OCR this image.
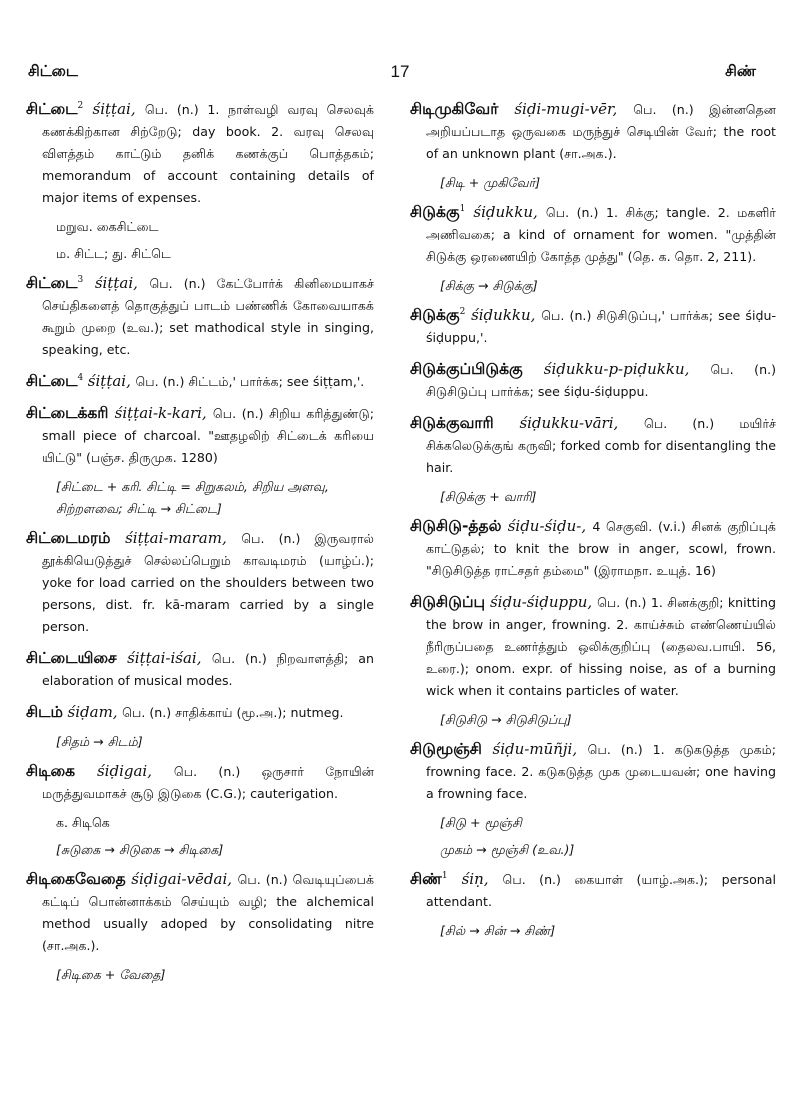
சிட்டை	17	சிண்
சிட்டை$^2$ śiṭṭai, பெ. (n.) 1. நாள்வழி வரவு செலவுக் கணக்கிற்கான சிற்றேடு; day book. 2. வரவு செலவு விளத்தம் காட்டும் தனிக் கணக்குப் பொத்தகம்; memorandum of account containing details of major items of expenses.
மறுவ. கைசிட்டை
ம. சிட்ட; து. சிட்டெ
சிட்டை$^3$ śiṭṭai, பெ. (n.) கேட்போர்க் கினிமையாகச் செய்திகளைத் தொகுத்துப் பாடம் பண்ணிக் கோவையாகக் கூறும் முறை (உவ.); set mathodical style in singing, speaking, etc.
சிட்டை$^4$ śiṭṭai, பெ. (n.) சிட்டம்,' பார்க்க; see śiṭṭam,'.
சிட்டைக்கரி śiṭṭai-k-kari, பெ. (n.) சிறிய கரித்துண்டு; small piece of charcoal. "ஊதழலிற் சிட்டைக் கரியை யிட்டு" (பஞ்ச. திருமுக. 1280)
[சிட்டை + கரி. சிட்டி = சிறுகலம், சிறிய அளவு, சிற்றளவை; சிட்டி → சிட்டை]
சிட்டைமரம் śiṭṭai-maram, பெ. (n.) இருவரால் தூக்கியெடுத்துச் செல்லப்பெறும் காவடிமரம் (யாழ்ப்.); yoke for load carried on the shoulders between two persons, dist. fr. kā-maram carried by a single person.
சிட்டையிசை śiṭṭai-iśai, பெ. (n.) நிறவாளத்தி; an elaboration of musical modes.
சிடம் śiḍam, பெ. (n.) சாதிக்காய் (மூ.அ.); nutmeg.
[சிதம் → சிடம்]
சிடிகை śiḍigai, பெ. (n.) ஒருசார் நோயின் மருத்துவமாகச் சூடு இடுகை (C.G.); cauterigation.
க. சிடிகெ
[சுடுகை → சிடுகை → சிடிகை]
சிடிகைவேதை śiḍigai-vēdai, பெ. (n.) வெடியுப்பைக் கட்டிப் பொன்னாக்கம் செய்யும் வழி; the alchemical method usually adoped by consolidating nitre (சா.அக.).
[சிடிகை + வேதை]
சிடிமுகிவேர் śiḍi-mugi-vēr, பெ. (n.) இன்னதென அறியப்படாத ஒருவகை மருந்துச் செடியின் வேர்; the root of an unknown plant (சா.அக.).
[சிடி + முகிவேர்]
சிடுக்கு$^1$ śiḍukku, பெ. (n.) 1. சிக்கு; tangle. 2. மகளிர் அணிவகை; a kind of ornament for women. "முத்தின் சிடுக்கு ஒரணையிற் கோத்த முத்து" (தெ. க. தொ. 2, 211).
[சிக்கு → சிடுக்கு]
சிடுக்கு$^2$ śiḍukku, பெ. (n.) சிடுசிடுப்பு,' பார்க்க; see śiḍu-śiḍuppu,'.
சிடுக்குப்பிடுக்கு śiḍukku-p-piḍukku, பெ. (n.) சிடுசிடுப்பு பார்க்க; see śiḍu-śiḍuppu.
சிடுக்குவாரி śiḍukku-vāri, பெ. (n.) மயிர்ச் சிக்கலெடுக்குங் கருவி; forked comb for disentangling the hair.
[சிடுக்கு + வாரி]
சிடுசிடு-த்தல் śiḍu-śiḍu-, 4 செகுவி. (v.i.) சினக் குறிப்புக் காட்டுதல்; to knit the brow in anger, scowl, frown. "சிடுசிடுத்த ராட்சதர் தம்மை" (இராமநா. உயுத். 16)
சிடுசிடுப்பு śiḍu-śiḍuppu, பெ. (n.) 1. சினக்குறி; knitting the brow in anger, frowning. 2. காய்ச்சும் எண்ணெய்யில் நீரிருப்பதை உணர்த்தும் ஒலிக்குறிப்பு (தைலவ.பாயி. 56, உரை.); onom. expr. of hissing noise, as of a burning wick when it contains particles of water.
[சிடுசிடு → சிடுசிடுப்பு]
சிடுமூஞ்சி śiḍu-mūñji, பெ. (n.) 1. கடுகடுத்த முகம்; frowning face. 2. கடுகடுத்த முக முடையவன்; one having a frowning face.
[சிடு + மூஞ்சி
முகம் → மூஞ்சி (உவ.)]
சிண்$^1$ śiṇ, பெ. (n.) கையாள் (யாழ்.அக.); personal attendant.
[சில் → சின் → சிண்]
